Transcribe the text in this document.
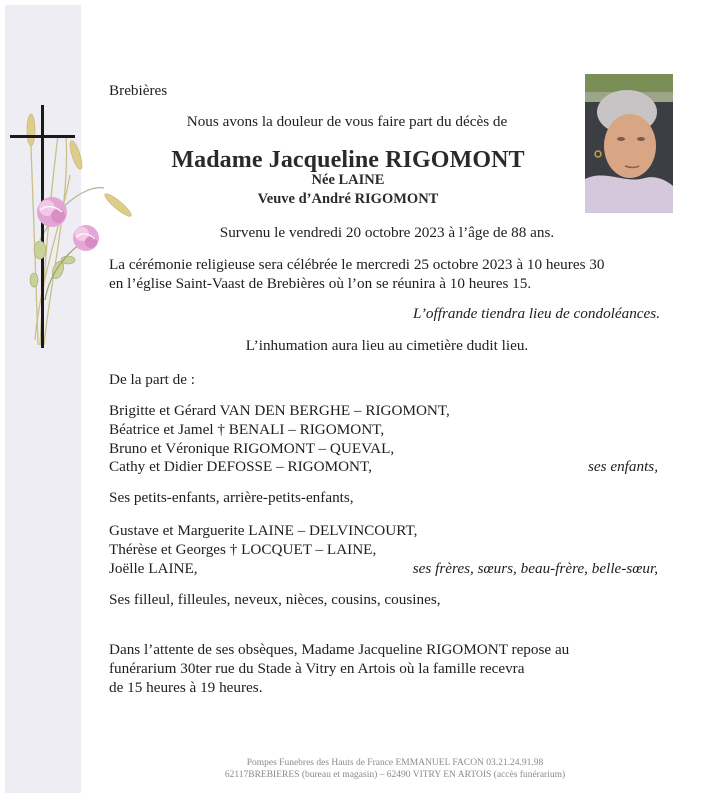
Brebières
Nous avons la douleur de vous faire part du décès de
Madame Jacqueline RIGOMONT
Née LAINE
Veuve d’André RIGOMONT
Survenu le vendredi 20 octobre 2023 à l’âge de 88 ans.
La cérémonie religieuse sera célébrée le mercredi 25 octobre 2023 à 10 heures 30
en l’église Saint-Vaast de Brebières où l’on se réunira à 10 heures 15.
L’offrande tiendra lieu de condoléances.
L’inhumation aura lieu au cimetière dudit lieu.
De la part de :
Brigitte et Gérard VAN DEN BERGHE – RIGOMONT,
Béatrice et Jamel † BENALI – RIGOMONT,
Bruno et Véronique RIGOMONT – QUEVAL,
Cathy et Didier DEFOSSE – RIGOMONT,	ses enfants,
Ses petits-enfants, arrière-petits-enfants,
Gustave et Marguerite LAINE – DELVINCOURT,
Thérèse et Georges † LOCQUET – LAINE,
Joëlle LAINE,	ses frères, sœurs, beau-frère, belle-sœur,
Ses filleul, filleules, neveux, nièces, cousins, cousines,
Dans l’attente de ses obsèques, Madame Jacqueline RIGOMONT repose au
funérarium 30ter rue du Stade à Vitry en Artois où la famille recevra
de 15 heures à 19 heures.
Pompes Funebres des Hauts de France EMMANUEL FACON 03.21.24.91.98
62117BREBIERES (bureau et magasin) – 62490 VITRY EN ARTOIS (accès funérarium)
